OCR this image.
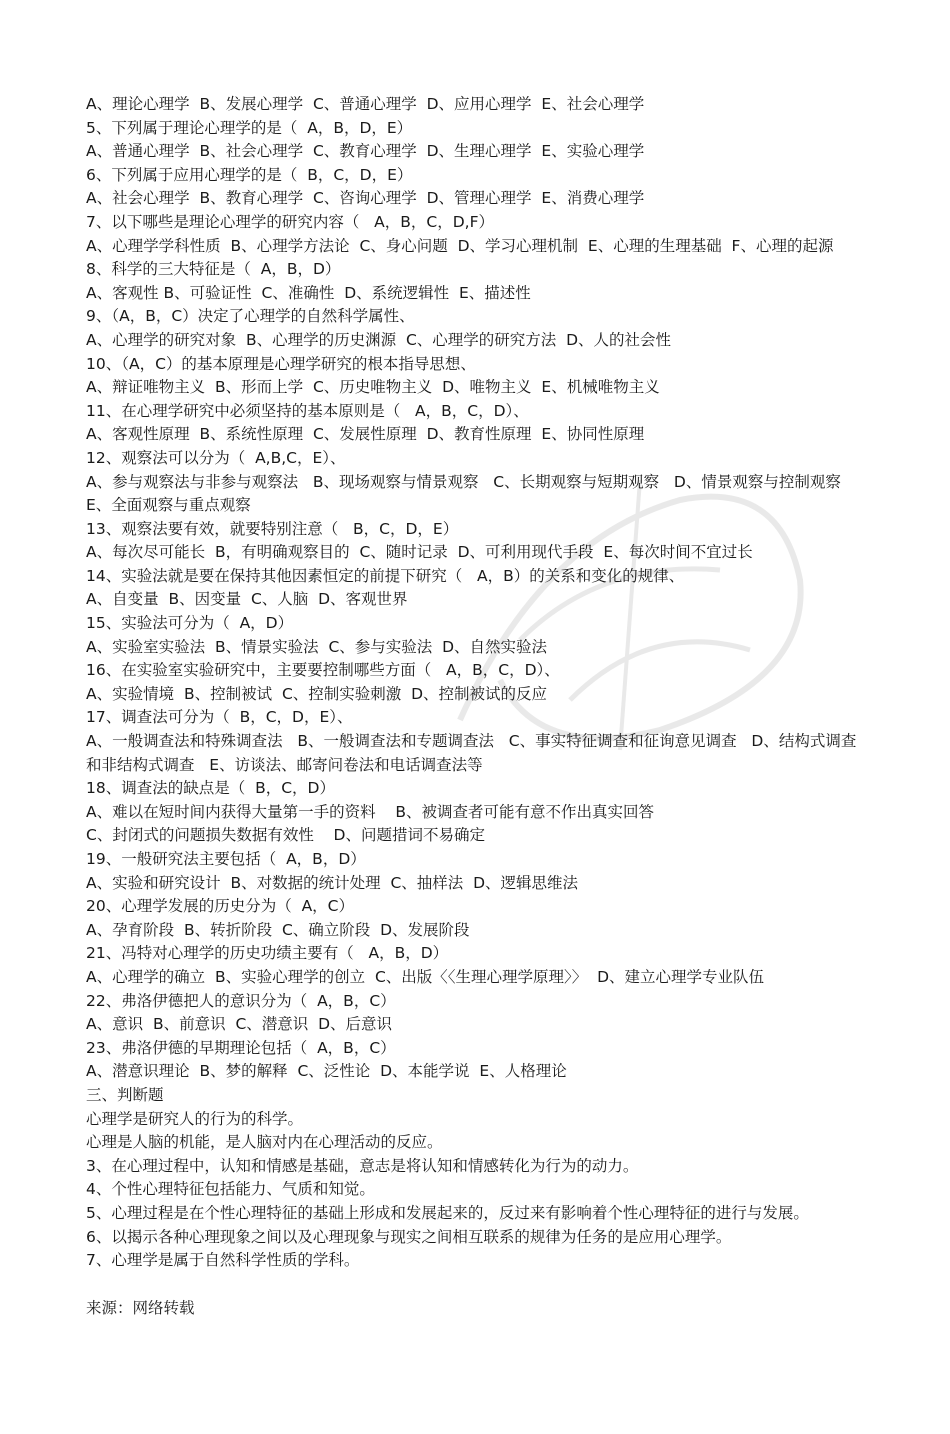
A、理论心理学  B、发展心理学  C、普通心理学  D、应用心理学  E、社会心理学
5、下列属于理论心理学的是（  A，B，D，E）
A、普通心理学  B、社会心理学  C、教育心理学  D、生理心理学  E、实验心理学
6、下列属于应用心理学的是（  B，C，D，E）
A、社会心理学  B、教育心理学  C、咨询心理学  D、管理心理学  E、消费心理学
7、以下哪些是理论心理学的研究内容（   A，B，C，D,F）
A、心理学学科性质  B、心理学方法论  C、身心问题  D、学习心理机制  E、心理的生理基础  F、心理的起源
8、科学的三大特征是（  A，B，D）
A、客观性 B、可验证性  C、准确性  D、系统逻辑性  E、描述性
9、（A，B，C）决定了心理学的自然科学属性、
A、心理学的研究对象  B、心理学的历史渊源  C、心理学的研究方法  D、人的社会性
10、（A，C）的基本原理是心理学研究的根本指导思想、
A、辩证唯物主义  B、形而上学  C、历史唯物主义  D、唯物主义  E、机械唯物主义
11、在心理学研究中必须坚持的基本原则是（   A，B，C，D）、
A、客观性原理  B、系统性原理  C、发展性原理  D、教育性原理  E、协同性原理
12、观察法可以分为（  A,B,C，E）、
A、参与观察法与非参与观察法   B、现场观察与情景观察   C、长期观察与短期观察   D、情景观察与控制观察  E、全面观察与重点观察
13、观察法要有效，就要特别注意（   B，C，D，E）
A、每次尽可能长  B，有明确观察目的  C、随时记录  D、可利用现代手段  E、每次时间不宜过长
14、实验法就是要在保持其他因素恒定的前提下研究（   A，B）的关系和变化的规律、
A、自变量  B、因变量  C、人脑  D、客观世界
15、实验法可分为（  A，D）
A、实验室实验法  B、情景实验法  C、参与实验法  D、自然实验法
16、在实验室实验研究中，主要要控制哪些方面（   A，B，C，D）、
A、实验情境  B、控制被试  C、控制实验刺激  D、控制被试的反应
17、调查法可分为（  B，C，D，E）、
A、一般调查法和特殊调查法   B、一般调查法和专题调查法   C、事实特征调查和征询意见调查   D、结构式调查和非结构式调查   E、访谈法、邮寄问卷法和电话调查法等
18、调查法的缺点是（  B，C，D）
A、难以在短时间内获得大量第一手的资料    B、被调查者可能有意不作出真实回答
C、封闭式的问题损失数据有效性    D、问题措词不易确定
19、一般研究法主要包括（  A，B，D）
A、实验和研究设计  B、对数据的统计处理  C、抽样法  D、逻辑思维法
20、心理学发展的历史分为（  A，C）
A、孕育阶段  B、转折阶段  C、确立阶段  D、发展阶段
21、冯特对心理学的历史功绩主要有（   A，B，D）
A、心理学的确立  B、实验心理学的创立  C、出版〈〈生理心理学原理〉〉  D、建立心理学专业队伍
22、弗洛伊德把人的意识分为（  A，B，C）
A、意识  B、前意识  C、潜意识  D、后意识
23、弗洛伊德的早期理论包括（  A，B，C）
A、潜意识理论  B、梦的解释  C、泛性论  D、本能学说  E、人格理论
三、判断题
心理学是研究人的行为的科学。
心理是人脑的机能，是人脑对内在心理活动的反应。
3、在心理过程中，认知和情感是基础，意志是将认知和情感转化为行为的动力。
4、个性心理特征包括能力、气质和知觉。
5、心理过程是在个性心理特征的基础上形成和发展起来的，反过来有影响着个性心理特征的进行与发展。
6、以揭示各种心理现象之间以及心理现象与现实之间相互联系的规律为任务的是应用心理学。
7、心理学是属于自然科学性质的学科。
来源：网络转载
